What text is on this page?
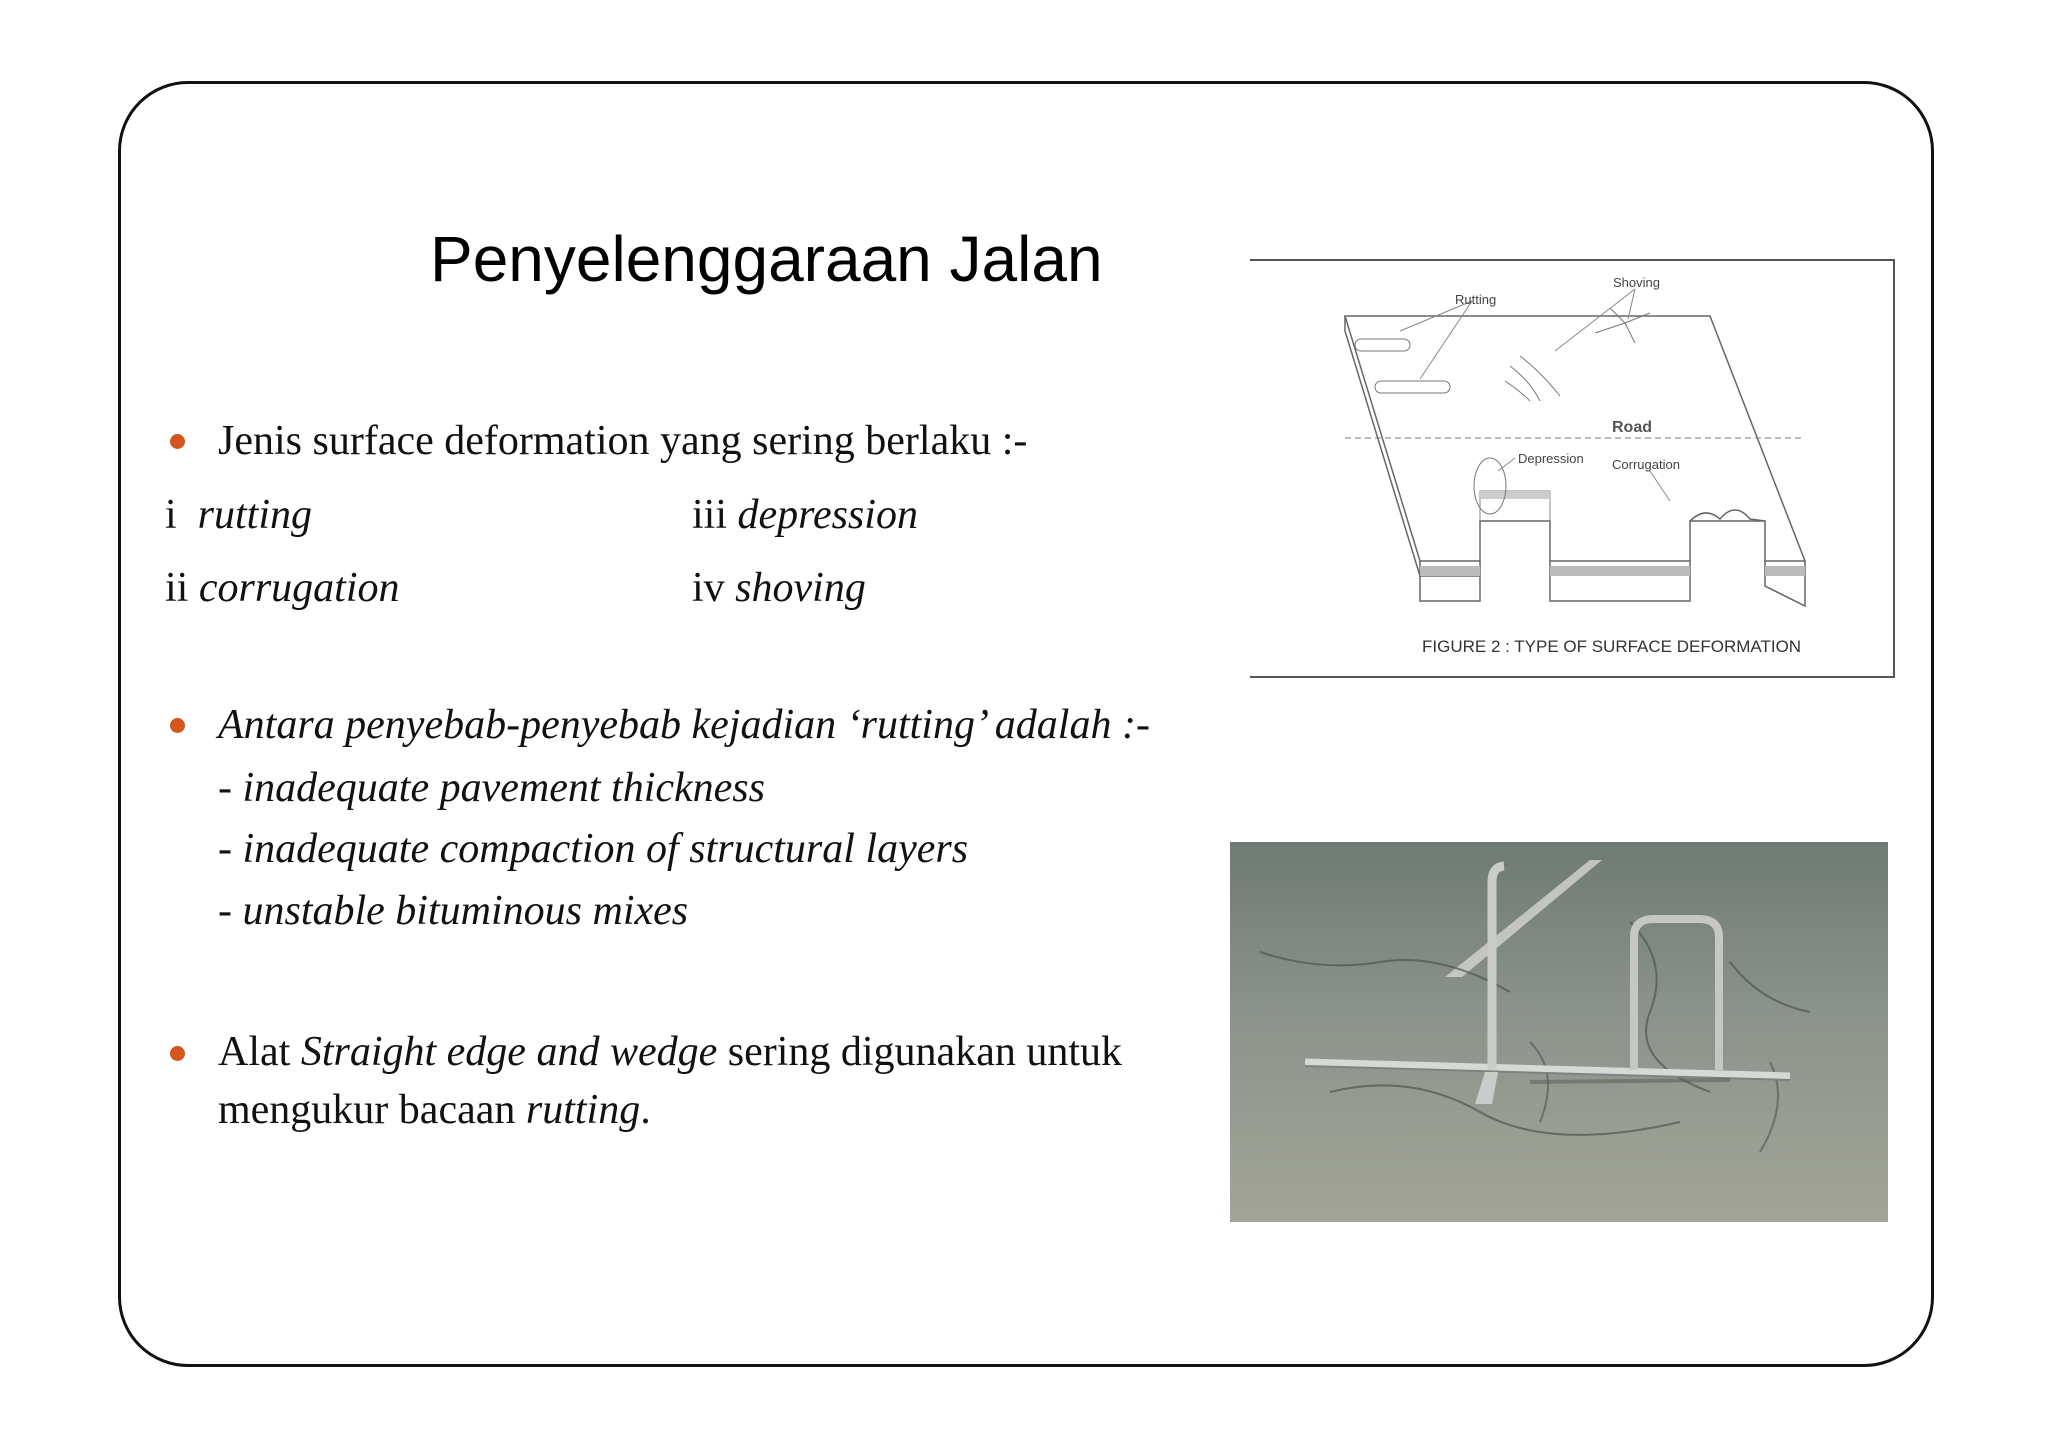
Penyelenggaraan Jalan
Jenis surface deformation yang sering berlaku :-
i rutting	iii depression
ii corrugation	iv shoving
Antara penyebab-penyebab kejadian ‘rutting’ adalah :-
- inadequate pavement thickness
- inadequate compaction of structural layers
- unstable bituminous mixes
Alat Straight edge and wedge sering digunakan untuk
mengukur bacaan rutting.
Rutting
Shoving
Road
Depression Corrugation
FIGURE 2 : TYPE OF SURFACE DEFORMATION
